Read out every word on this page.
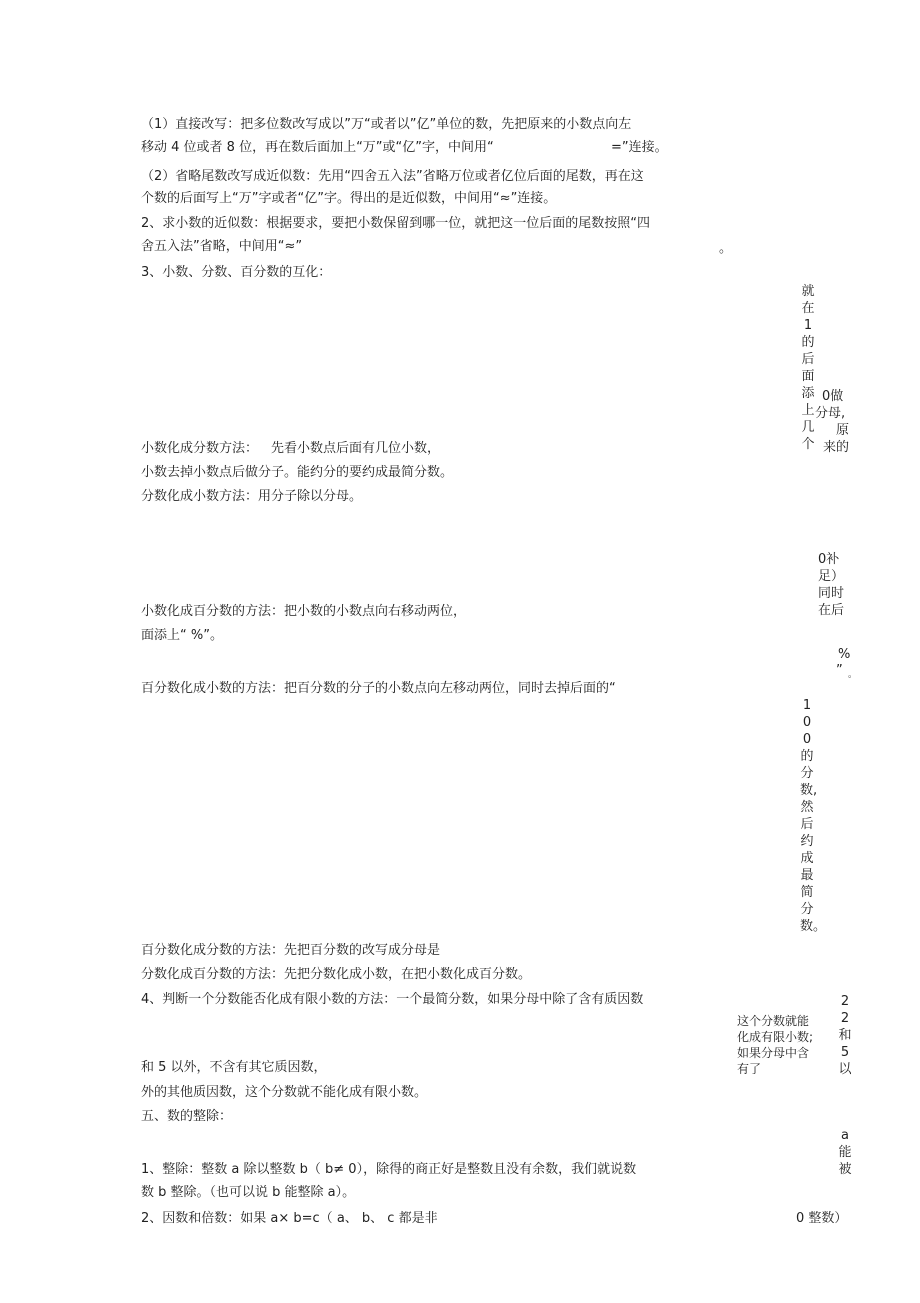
（1）直接改写：把多位数改写成以”万“或者以”亿”单位的数，先把原来的小数点向左
移动 4 位或者 8 位，再在数后面加上“万”或“亿”字，中间用“	=”连接。
（2）省略尾数改写成近似数：先用“四舍五入法”省略万位或者亿位后面的尾数，再在这
个数的后面写上“万”字或者“亿”字。得出的是近似数，中间用“≈”连接。
2、求小数的近似数：根据要求，要把小数保留到哪一位，就把这一位后面的尾数按照“四
舍五入法”省略，中间用“≈”	。
3、小数、分数、百分数的互化：
小数化成分数方法： 先看小数点后面有几位小数，
小数去掉小数点后做分子。能约分的要约成最简分数。
分数化成小数方法：用分子除以分母。
小数化成百分数的方法：把小数的小数点向右移动两位，
面添上“ %”。
百分数化成小数的方法：把百分数的分子的小数点向左移动两位，同时去掉后面的“
百分数化成分数的方法：先把百分数的改写成分母是
分数化成百分数的方法：先把分数化成小数，在把小数化成百分数。
4、判断一个分数能否化成有限小数的方法：一个最简分数，如果分母中除了含有质因数
和 5 以外，不含有其它质因数，
外的其他质因数，这个分数就不能化成有限小数。
五、数的整除：
1、整除：整数 a 除以整数 b（ b≠ 0），除得的商正好是整数且没有余数，我们就说数
数 b 整除。（也可以说 b 能整除 a）。
2、因数和倍数：如果 a× b=c（ a、 b、 c 都是非	0 整数）
就在1的后面添上几个
0做
分母,
原
来的
0补足）同时在后
%
” 。
100的分数,然后约成最简分数。
这个分数就能
化成有限小数;
如果分母中含
有了
22和5以
a能被
